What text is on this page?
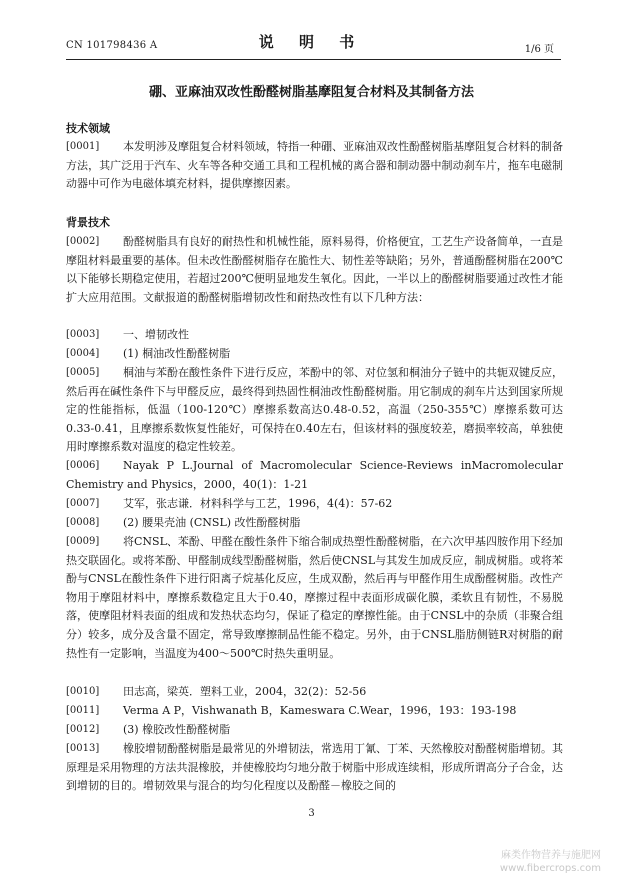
CN 101798436 A	说 明 书	1/6 页
硼、亚麻油双改性酚醛树脂基摩阻复合材料及其制备方法
技术领域
[0001]	本发明涉及摩阻复合材料领域，特指一种硼、亚麻油双改性酚醛树脂基摩阻复合材料的制备方法，其广泛用于汽车、火车等各种交通工具和工程机械的离合器和制动器中制动刹车片，拖车电磁制动器中可作为电磁体填充材料，提供摩擦因素。
背景技术
[0002]	酚醛树脂具有良好的耐热性和机械性能，原料易得，价格便宜，工艺生产设备简单，一直是摩阻材料最重要的基体。但未改性酚醛树脂存在脆性大、韧性差等缺陷；另外，普通酚醛树脂在200℃以下能够长期稳定使用，若超过200℃便明显地发生氧化。因此，一半以上的酚醛树脂要通过改性才能扩大应用范围。文献报道的酚醛树脂增韧改性和耐热改性有以下几种方法：
[0003]	一、增韧改性
[0004]	(1) 桐油改性酚醛树脂
[0005]	桐油与苯酚在酸性条件下进行反应，苯酚中的邻、对位氢和桐油分子链中的共轭双键反应，然后再在碱性条件下与甲醛反应，最终得到热固性桐油改性酚醛树脂。用它制成的刹车片达到国家所规定的性能指标，低温（100-120℃）摩擦系数高达0.48-0.52，高温（250-355℃）摩擦系数可达0.33-0.41，且摩擦系数恢复性能好，可保持在0.40左右，但该材料的强度较差，磨损率较高，单独使用时摩擦系数对温度的稳定性较差。
[0006]	Nayak P L.Journal of Macromolecular Science-Reviews inMacromolecular Chemistry and Physics，2000，40(1)：1-21
[0007]	艾军，张志谦．材料科学与工艺，1996，4(4)：57-62
[0008]	(2) 腰果壳油 (CNSL) 改性酚醛树脂
[0009]	将CNSL、苯酚、甲醛在酸性条件下缩合制成热塑性酚醛树脂，在六次甲基四胺作用下经加热交联固化。或将苯酚、甲醛制成线型酚醛树脂，然后使CNSL与其发生加成反应，制成树脂。或将苯酚与CNSL在酸性条件下进行阳离子烷基化反应，生成双酚，然后再与甲醛作用生成酚醛树脂。改性产物用于摩阻材料中，摩擦系数稳定且大于0.40，摩擦过程中表面形成碳化膜，柔软且有韧性，不易脱落，使摩阻材料表面的组成和发热状态均匀，保证了稳定的摩擦性能。由于CNSL中的杂质（非聚合组分）较多，成分及含量不固定，常导致摩擦制品性能不稳定。另外，由于CNSL脂肪侧链R对树脂的耐热性有一定影响，当温度为400～500℃时热失重明显。
[0010]	田志高，梁英．塑料工业，2004，32(2)：52-56
[0011]	Verma A P，Vishwanath B，Kameswara C.Wear，1996，193：193-198
[0012]	(3) 橡胶改性酚醛树脂
[0013]	橡胶增韧酚醛树脂是最常见的外增韧法，常选用丁氰、丁苯、天然橡胶对酚醛树脂增韧。其原理是采用物理的方法共混橡胶，并使橡胶均匀地分散于树脂中形成连续相，形成所谓高分子合金，达到增韧的目的。增韧效果与混合的均匀化程度以及酚醛－橡胶之间的
3
麻类作物营养与施肥网
www.fibercrops.com
